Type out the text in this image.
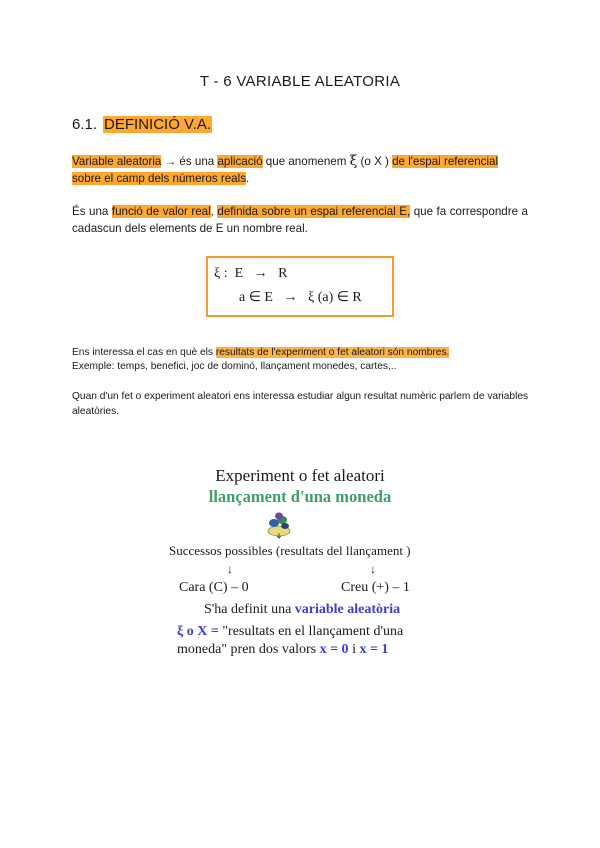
T - 6 VARIABLE ALEATORIA
6.1. DEFINICIÓ V.A.
Variable aleatoria → és una aplicació que anomenem ξ (o X ) de l'espai referencial sobre el camp dels números reals.
És una funció de valor real, definida sobre un espai referencial E, que fa correspondre a cadascun dels elements de E un nombre real.
ξ :  E   →   R
a ∈ E   →   ξ (a) ∈ R
Ens interessa el cas en què els resultats de l'experiment o fet aleatori són nombres.
Exemple: temps, benefici, joc de dominó, llançament monedes, cartes,..
Quan d'un fet o experiment aleatori ens interessa estudiar algun resultat numèric parlem de variables aleatòries.
Experiment o fet aleatori
llançament d'una moneda
Successos possibles (resultats del llançament )
↓	↓
Cara (C) – 0	Creu (+) – 1
S'ha definit una variable aleatòria
ξ o X = "resultats en el llançament d'una
moneda" pren dos valors x = 0 i x = 1
